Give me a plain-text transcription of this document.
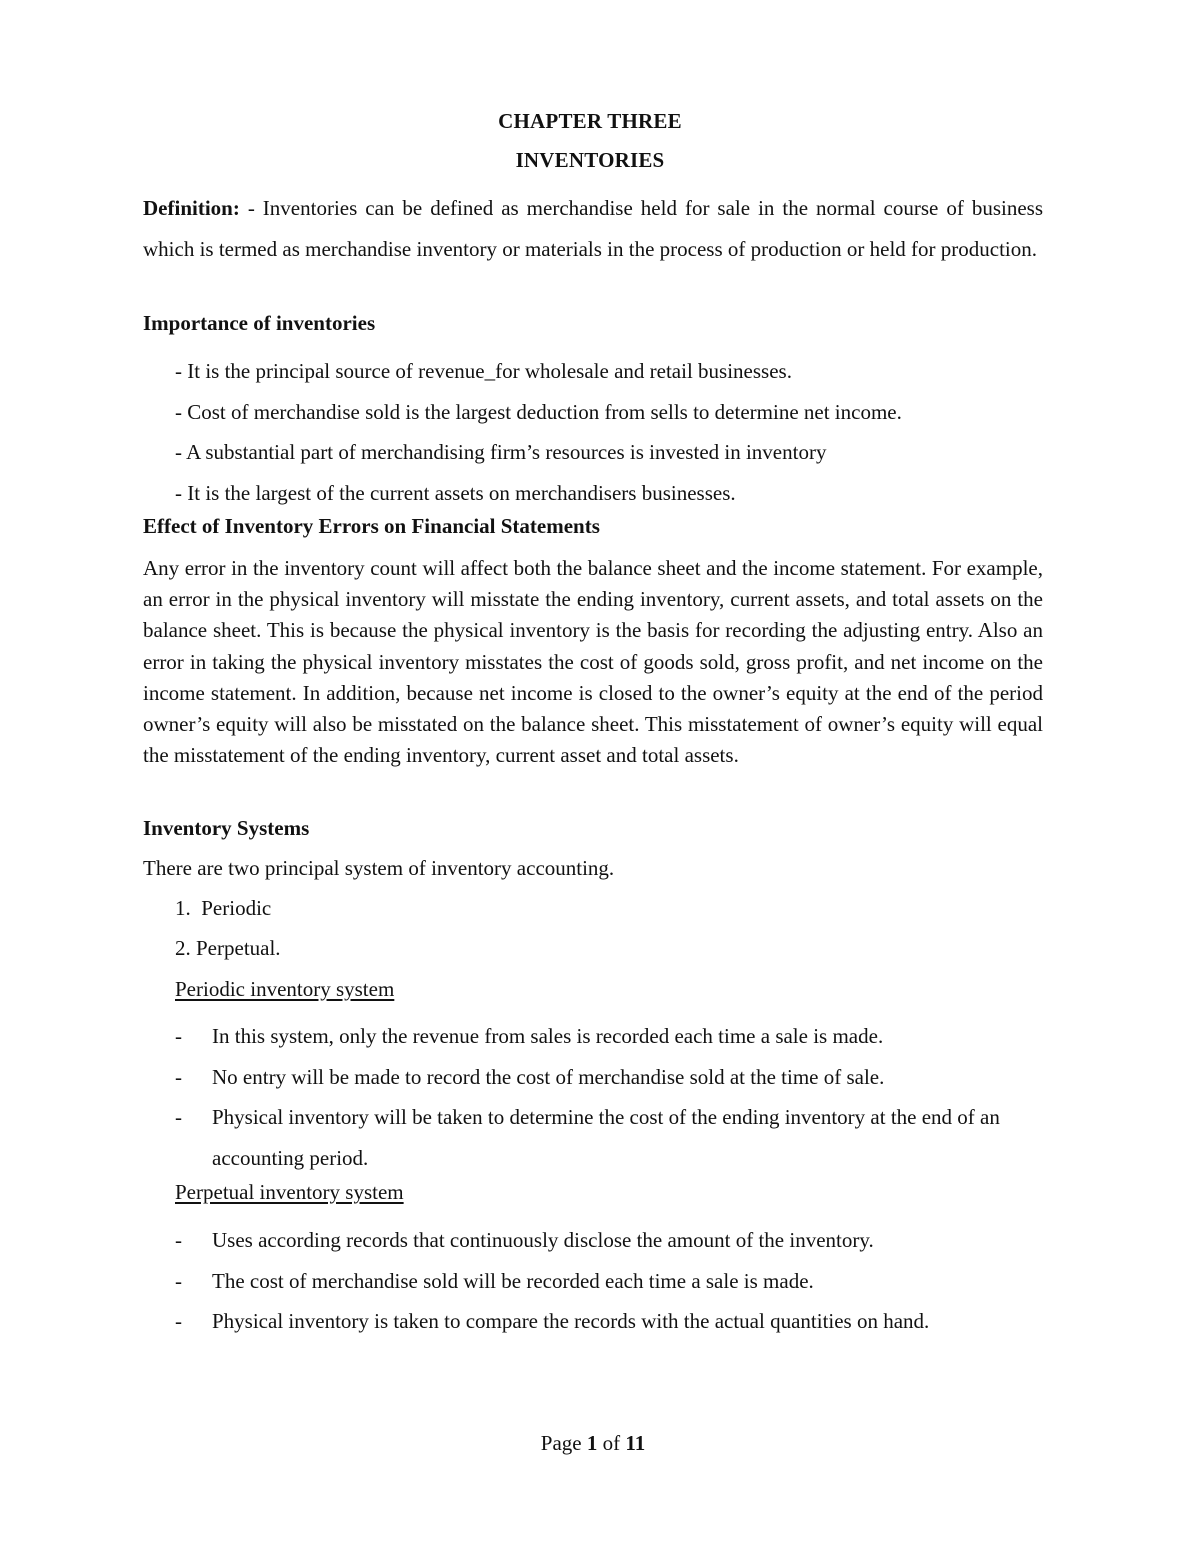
CHAPTER THREE
INVENTORIES
Definition: - Inventories can be defined as merchandise held for sale in the normal course of business which is termed as merchandise inventory or materials in the process of production or held for production.
Importance of inventories
- It is the principal source of revenue_for wholesale and retail businesses.
- Cost of merchandise sold is the largest deduction from sells to determine net income.
- A substantial part of merchandising firm’s resources is invested in inventory
- It is the largest of the current assets on merchandisers businesses.
Effect of Inventory Errors on Financial Statements
Any error in the inventory count will affect both the balance sheet and the income statement. For example, an error in the physical inventory will misstate the ending inventory, current assets, and total assets on the balance sheet. This is because the physical inventory is the basis for recording the adjusting entry. Also an error in taking the physical inventory misstates the cost of goods sold, gross profit, and net income on the income statement. In addition, because net income is closed to the owner’s equity at the end of the period owner’s equity will also be misstated on the balance sheet. This misstatement of owner’s equity will equal the misstatement of the ending inventory, current asset and total assets.
Inventory Systems
There are two principal system of inventory accounting.
1.  Periodic
2. Perpetual.
Periodic inventory system
- In this system, only the revenue from sales is recorded each time a sale is made.
- No entry will be made to record the cost of merchandise sold at the time of sale.
- Physical inventory will be taken to determine the cost of the ending inventory at the end of an accounting period.
Perpetual inventory system
- Uses according records that continuously disclose the amount of the inventory.
- The cost of merchandise sold will be recorded each time a sale is made.
- Physical inventory is taken to compare the records with the actual quantities on hand.
Page 1 of 11
